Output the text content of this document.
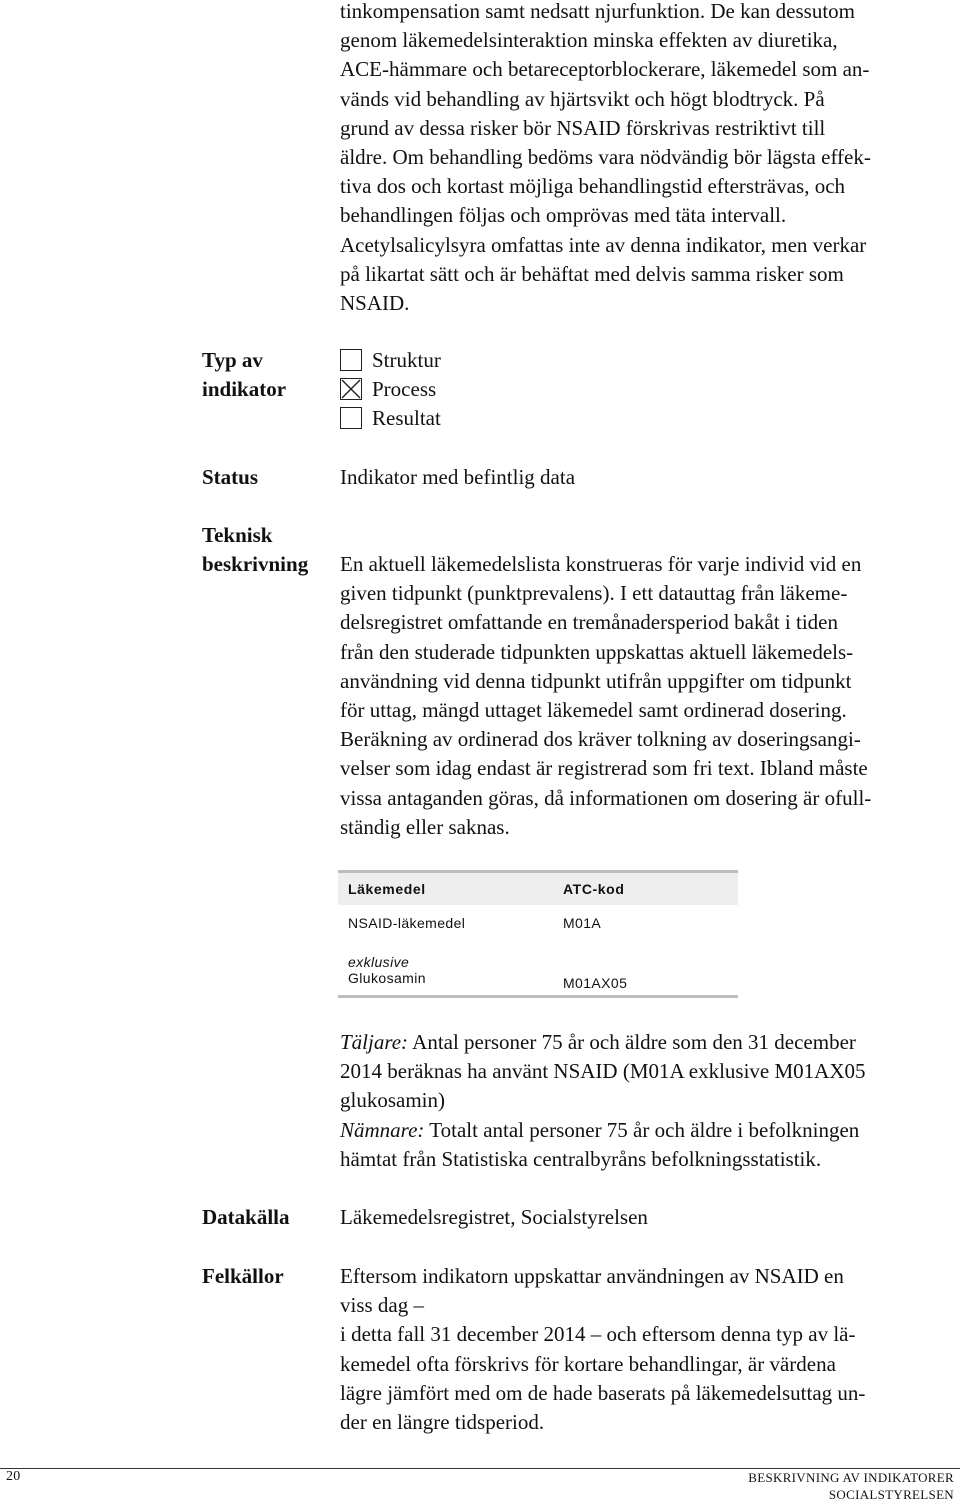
tinkompensation samt nedsatt njurfunktion. De kan dessutom
genom läkemedelsinteraktion minska effekten av diuretika,
ACE-hämmare och betareceptorblockerare, läkemedel som an-
vänds vid behandling av hjärtsvikt och högt blodtryck. På
grund av dessa risker bör NSAID förskrivas restriktivt till
äldre. Om behandling bedöms vara nödvändig bör lägsta effek-
tiva dos och kortast möjliga behandlingstid eftersträvas, och
behandlingen följas och omprövas med täta intervall.
Acetylsalicylsyra omfattas inte av denna indikator, men verkar
på likartat sätt och är behäftat med delvis samma risker som
NSAID.
Typ av
indikator
Struktur
Process
Resultat
Status	Indikator med befintlig data
Teknisk
beskrivning En aktuell läkemedelslista konstrueras för varje individ vid en
given tidpunkt (punktprevalens). I ett datauttag från läkeme-
delsregistret omfattande en tremånadersperiod bakåt i tiden
från den studerade tidpunkten uppskattas aktuell läkemedels-
användning vid denna tidpunkt utifrån uppgifter om tidpunkt
för uttag, mängd uttaget läkemedel samt ordinerad dosering.
Beräkning av ordinerad dos kräver tolkning av doseringsangi-
velser som idag endast är registrerad som fri text. Ibland måste
vissa antaganden göras, då informationen om dosering är ofull-
ständig eller saknas.
Läkemedel	ATC-kod
NSAID-läkemedel	M01A

exklusive
Glukosamin	M01AX05
Täljare: Antal personer 75 år och äldre som den 31 december
2014 beräknas ha använt NSAID (M01A exklusive M01AX05
glukosamin)
Nämnare: Totalt antal personer 75 år och äldre i befolkningen
hämtat från Statistiska centralbyråns befolkningsstatistik.
Datakälla Läkemedelsregistret, Socialstyrelsen
Felkällor	Eftersom indikatorn uppskattar användningen av NSAID en
viss dag –
i detta fall 31 december 2014 – och eftersom denna typ av lä-
kemedel ofta förskrivs för kortare behandlingar, är värdena
lägre jämfört med om de hade baserats på läkemedelsuttag un-
der en längre tidsperiod.
20	BESKRIVNING AV INDIKATORER
SOCIALSTYRELSEN
